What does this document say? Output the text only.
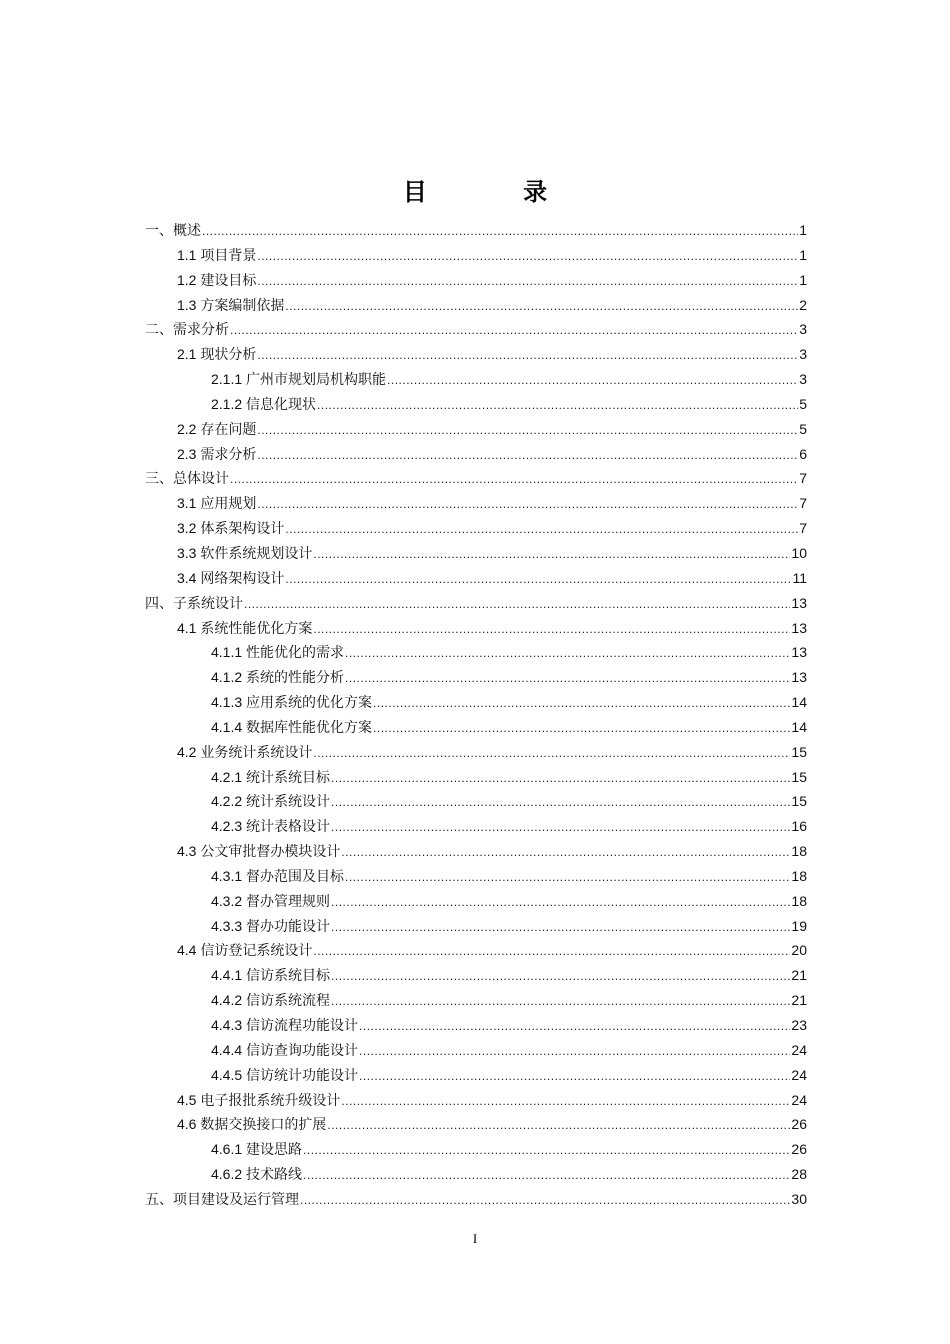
目 录
一、概述 .....	1
1.1 项目背景 .....	1
1.2 建设目标 .....	1
1.3 方案编制依据 .....	2
二、需求分析 .....	3
2.1 现状分析 .....	3
2.1.1 广州市规划局机构职能 .....	3
2.1.2 信息化现状 .....	5
2.2 存在问题 .....	5
2.3 需求分析 .....	6
三、总体设计 .....	7
3.1 应用规划 .....	7
3.2 体系架构设计 .....	7
3.3 软件系统规划设计 .....	10
3.4 网络架构设计 .....	11
四、子系统设计 .....	13
4.1 系统性能优化方案 .....	13
4.1.1 性能优化的需求 .....	13
4.1.2 系统的性能分析 .....	13
4.1.3 应用系统的优化方案 .....	14
4.1.4 数据库性能优化方案 .....	14
4.2 业务统计系统设计 .....	15
4.2.1 统计系统目标 .....	15
4.2.2 统计系统设计 .....	15
4.2.3 统计表格设计 .....	16
4.3 公文审批督办模块设计 .....	18
4.3.1 督办范围及目标 .....	18
4.3.2 督办管理规则 .....	18
4.3.3 督办功能设计 .....	19
4.4 信访登记系统设计 .....	20
4.4.1 信访系统目标 .....	21
4.4.2 信访系统流程 .....	21
4.4.3 信访流程功能设计 .....	23
4.4.4 信访查询功能设计 .....	24
4.4.5 信访统计功能设计 .....	24
4.5 电子报批系统升级设计 .....	24
4.6 数据交换接口的扩展 .....	26
4.6.1 建设思路 .....	26
4.6.2 技术路线 .....	28
五、项目建设及运行管理 .....	30
I
